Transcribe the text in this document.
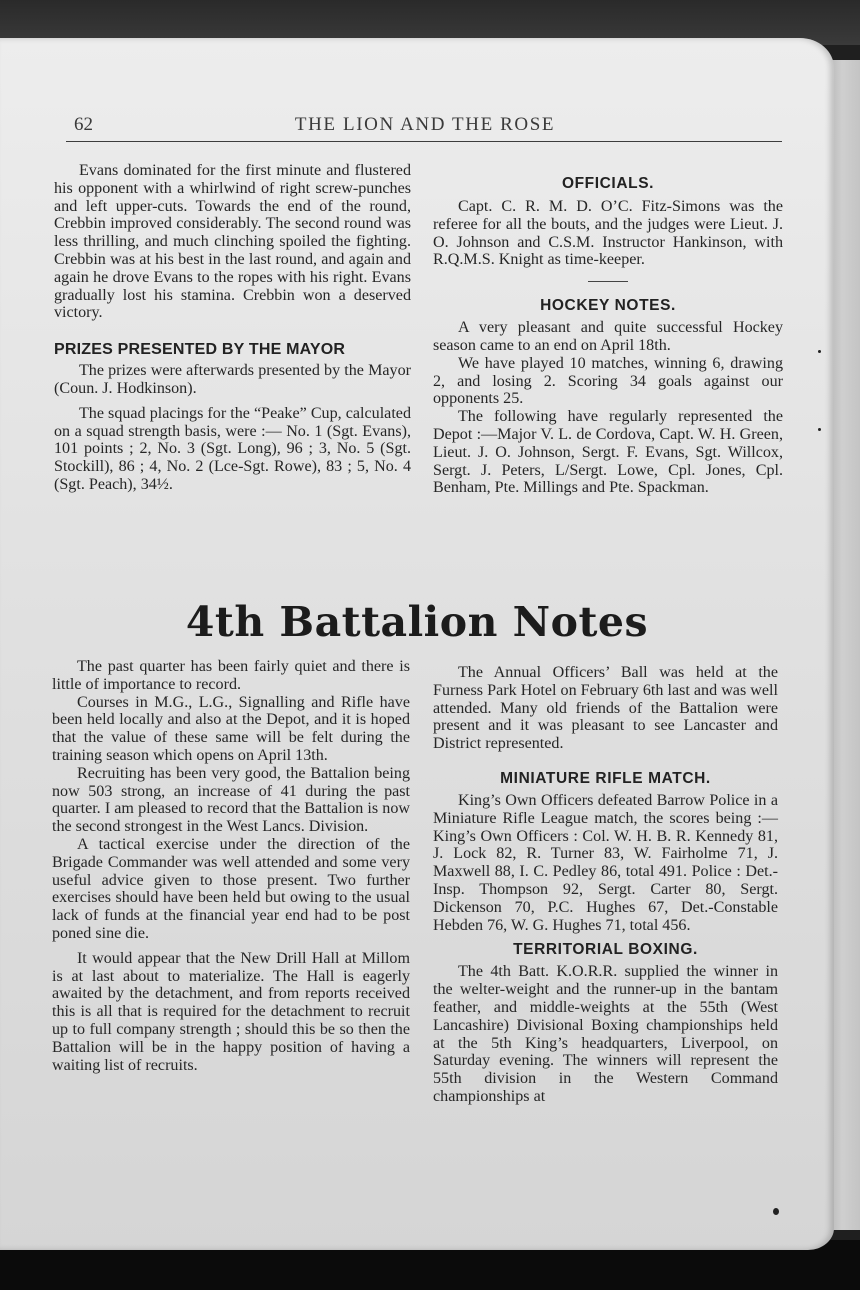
62	THE LION AND THE ROSE

Evans dominated for the first minute and flustered his opponent with a whirlwind of right screw-punches and left upper-cuts. Towards the end of the round, Crebbin improved considerably. The second round was less thrilling, and much clinching spoiled the fighting. Crebbin was at his best in the last round, and again and again he drove Evans to the ropes with his right. Evans gradually lost his stamina. Crebbin won a deserved victory.

PRIZES PRESENTED BY THE MAYOR

The prizes were afterwards presented by the Mayor (Coun. J. Hodkinson).

The squad placings for the “Peake” Cup, calculated on a squad strength basis, were :— No. 1 (Sgt. Evans), 101 points ; 2, No. 3 (Sgt. Long), 96 ; 3, No. 5 (Sgt. Stockill), 86 ; 4, No. 2 (Lce-Sgt. Rowe), 83 ; 5, No. 4 (Sgt. Peach), 34½.

OFFICIALS.

Capt. C. R. M. D. O’C. Fitz-Simons was the referee for all the bouts, and the judges were Lieut. J. O. Johnson and C.S.M. Instructor Hankinson, with R.Q.M.S. Knight as time-keeper.

HOCKEY NOTES.

A very pleasant and quite successful Hockey season came to an end on April 18th.

We have played 10 matches, winning 6, drawing 2, and losing 2. Scoring 34 goals against our opponents 25.

The following have regularly represented the Depot :—Major V. L. de Cordova, Capt. W. H. Green, Lieut. J. O. Johnson, Sergt. F. Evans, Sgt. Willcox, Sergt. J. Peters, L/Sergt. Lowe, Cpl. Jones, Cpl. Benham, Pte. Millings and Pte. Spackman.

4th Battalion Notes

The past quarter has been fairly quiet and there is little of importance to record.

Courses in M.G., L.G., Signalling and Rifle have been held locally and also at the Depot, and it is hoped that the value of these same will be felt during the training season which opens on April 13th.

Recruiting has been very good, the Battalion being now 503 strong, an increase of 41 during the past quarter. I am pleased to record that the Battalion is now the second strongest in the West Lancs. Division.

A tactical exercise under the direction of the Brigade Commander was well attended and some very useful advice given to those present. Two further exercises should have been held but owing to the usual lack of funds at the financial year end had to be post poned sine die.

It would appear that the New Drill Hall at Millom is at last about to materialize. The Hall is eagerly awaited by the detachment, and from reports received this is all that is required for the detachment to recruit up to full company strength ; should this be so then the Battalion will be in the happy position of having a waiting list of recruits.

The Annual Officers’ Ball was held at the Furness Park Hotel on February 6th last and was well attended. Many old friends of the Battalion were present and it was pleasant to see Lancaster and District represented.

MINIATURE RIFLE MATCH.

King’s Own Officers defeated Barrow Police in a Miniature Rifle League match, the scores being :—King’s Own Officers : Col. W. H. B. R. Kennedy 81, J. Lock 82, R. Turner 83, W. Fairholme 71, J. Maxwell 88, I. C. Pedley 86, total 491. Police : Det.-Insp. Thompson 92, Sergt. Carter 80, Sergt. Dickenson 70, P.C. Hughes 67, Det.-Constable Hebden 76, W. G. Hughes 71, total 456.

TERRITORIAL BOXING.

The 4th Batt. K.O.R.R. supplied the winner in the welter-weight and the runner-up in the bantam feather, and middle-weights at the 55th (West Lancashire) Divisional Boxing championships held at the 5th King’s headquarters, Liverpool, on Saturday evening. The winners will represent the 55th division in the Western Command championships at
